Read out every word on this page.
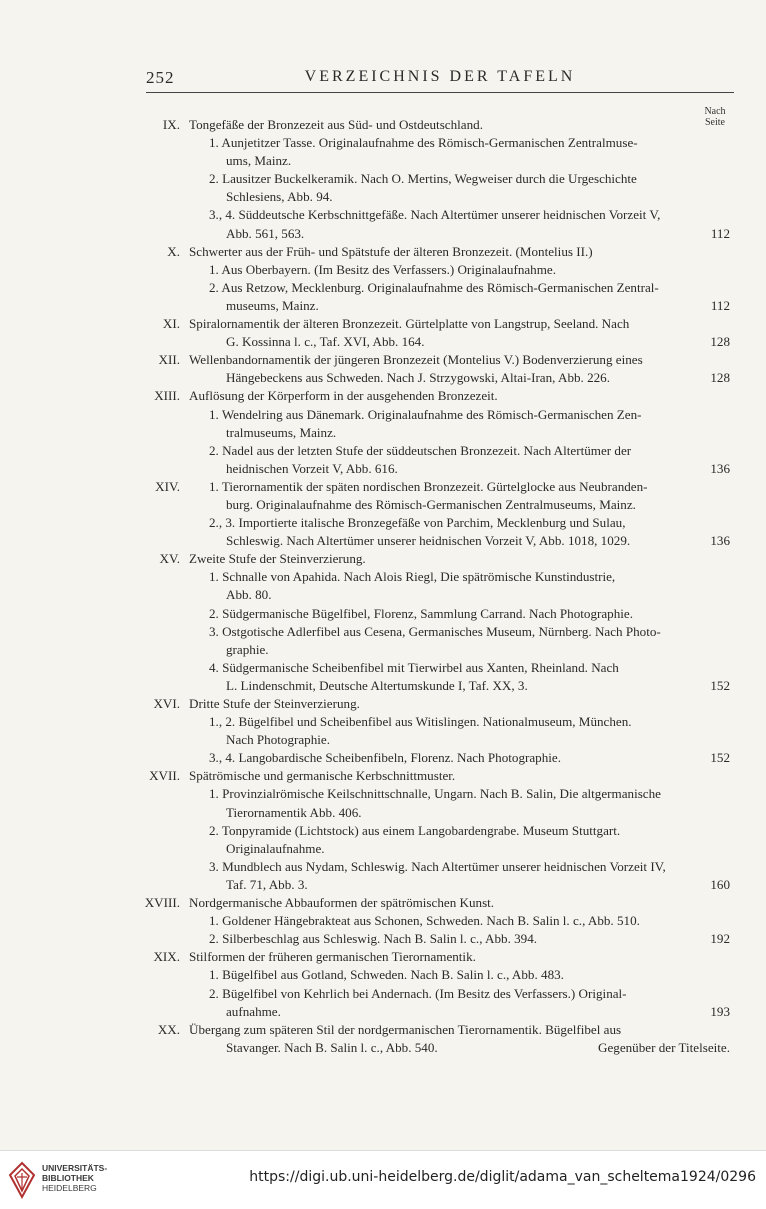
252	VERZEICHNIS DER TAFELN
Nach
Seite
IX. Tongefäße der Bronzezeit aus Süd- und Ostdeutschland.
1. Aunjetitzer Tasse. Originalaufnahme des Römisch-Germanischen Zentralmuse-
ums, Mainz.
2. Lausitzer Buckelkeramik. Nach O. Mertins, Wegweiser durch die Urgeschichte
Schlesiens, Abb. 94.
3., 4. Süddeutsche Kerbschnittgefäße. Nach Altertümer unserer heidnischen Vorzeit V,
Abb. 561, 563.	112
X. Schwerter aus der Früh- und Spätstufe der älteren Bronzezeit. (Montelius II.)
1. Aus Oberbayern. (Im Besitz des Verfassers.) Originalaufnahme.
2. Aus Retzow, Mecklenburg. Originalaufnahme des Römisch-Germanischen Zentral-
museums, Mainz.	112
XI. Spiralornamentik der älteren Bronzezeit. Gürtelplatte von Langstrup, Seeland. Nach
G. Kossinna l. c., Taf. XVI, Abb. 164.	128
XII. Wellenbandornamentik der jüngeren Bronzezeit (Montelius V.) Bodenverzierung eines
Hängebeckens aus Schweden. Nach J. Strzygowski, Altai-Iran, Abb. 226.	128
XIII. Auflösung der Körperform in der ausgehenden Bronzezeit.
1. Wendelring aus Dänemark. Originalaufnahme des Römisch-Germanischen Zen-
tralmuseums, Mainz.
2. Nadel aus der letzten Stufe der süddeutschen Bronzezeit. Nach Altertümer der
heidnischen Vorzeit V, Abb. 616.	136
XIV. 1. Tierornamentik der späten nordischen Bronzezeit. Gürtelglocke aus Neubranden-
burg. Originalaufnahme des Römisch-Germanischen Zentralmuseums, Mainz.
2., 3. Importierte italische Bronzegefäße von Parchim, Mecklenburg und Sulau,
Schleswig. Nach Altertümer unserer heidnischen Vorzeit V, Abb. 1018, 1029.	136
XV. Zweite Stufe der Steinverzierung.
1. Schnalle von Apahida. Nach Alois Riegl, Die spätrömische Kunstindustrie,
Abb. 80.
2. Südgermanische Bügelfibel, Florenz, Sammlung Carrand. Nach Photographie.
3. Ostgotische Adlerfibel aus Cesena, Germanisches Museum, Nürnberg. Nach Photo-
graphie.
4. Südgermanische Scheibenfibel mit Tierwirbel aus Xanten, Rheinland. Nach
L. Lindenschmit, Deutsche Altertumskunde I, Taf. XX, 3.	152
XVI. Dritte Stufe der Steinverzierung.
1., 2. Bügelfibel und Scheibenfibel aus Witislingen. Nationalmuseum, München.
Nach Photographie.
3., 4. Langobardische Scheibenfibeln, Florenz. Nach Photographie.	152
XVII. Spätrömische und germanische Kerbschnittmuster.
1. Provinzialrömische Keilschnittschnalle, Ungarn. Nach B. Salin, Die altgermanische
Tierornamentik Abb. 406.
2. Tonpyramide (Lichtstock) aus einem Langobardengrabe. Museum Stuttgart.
Originalaufnahme.
3. Mundblech aus Nydam, Schleswig. Nach Altertümer unserer heidnischen Vorzeit IV,
Taf. 71, Abb. 3.	160
XVIII. Nordgermanische Abbauformen der spätrömischen Kunst.
1. Goldener Hängebrakteat aus Schonen, Schweden. Nach B. Salin l. c., Abb. 510.
2. Silberbeschlag aus Schleswig. Nach B. Salin l. c., Abb. 394.	192
XIX. Stilformen der früheren germanischen Tierornamentik.
1. Bügelfibel aus Gotland, Schweden. Nach B. Salin l. c., Abb. 483.
2. Bügelfibel von Kehrlich bei Andernach. (Im Besitz des Verfassers.) Original-
aufnahme.	193
XX. Übergang zum späteren Stil der nordgermanischen Tierornamentik. Bügelfibel aus
Stavanger. Nach B. Salin l. c., Abb. 540.	Gegenüber der Titelseite.
UNIVERSITÄTS-
BIBLIOTHEK
HEIDELBERG
https://digi.ub.uni-heidelberg.de/diglit/adama_van_scheltema1924/0296
